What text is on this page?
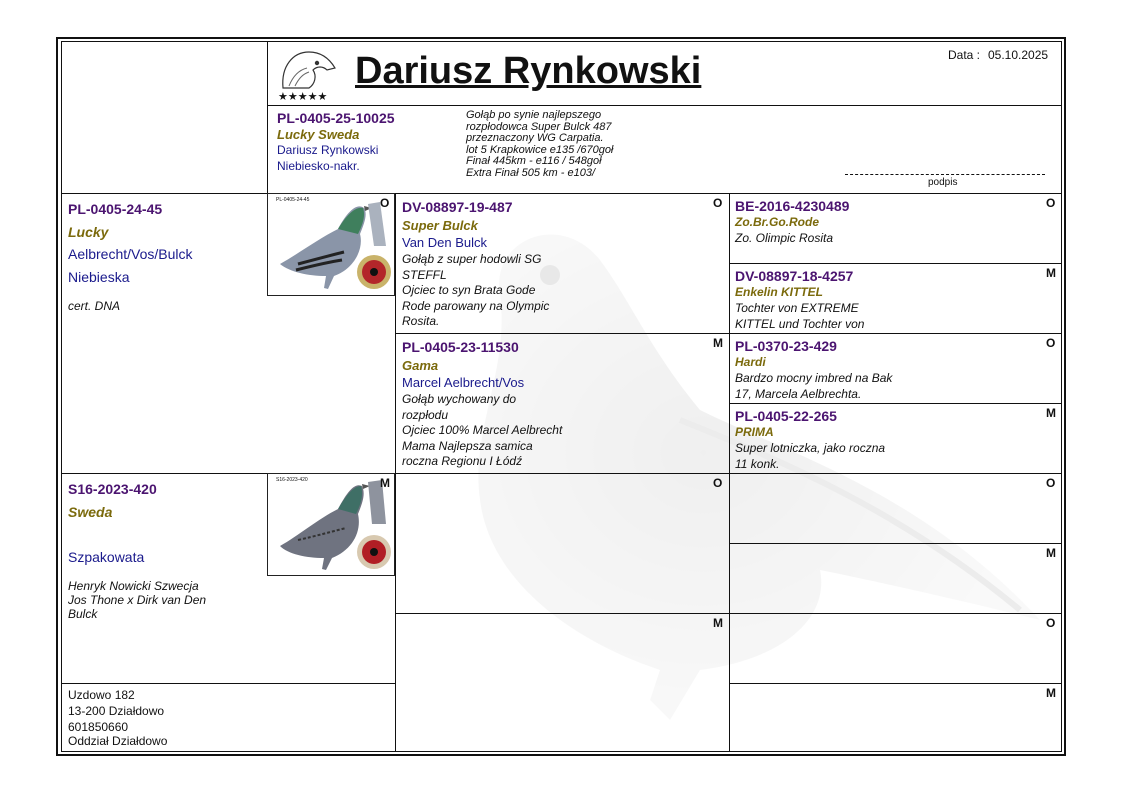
★★★★★
Dariusz Rynkowski	Data : 05.10.2025
PL-0405-25-10025
Lucky Sweda
Dariusz Rynkowski
Niebiesko-nakr.
Gołąb po synie najlepszego
rozpłodowca Super Bulck 487
przeznaczony WG Carpatia.
lot 5 Krapkowice e135 /670goł
Finał 445km - e116 / 548goł
Extra Finał 505 km - e103/
podpis
PL-0405-24-45
Lucky
Aelbrecht/Vos/Bulck
Niebieska
cert. DNA
PL-0405-24-45	O
S16-2023-420
Sweda
Szpakowata
Henryk Nowicki Szwecja
Jos Thone x Dirk van Den
Bulck
S16-2023-420	M
DV-08897-19-487
Super Bulck
Van Den Bulck
Gołąb z super hodowli SG
STEFFL
Ojciec to syn Brata Gode
Rode parowany na Olympic
Rosita.
O
PL-0405-23-11530
Gama
Marcel Aelbrecht/Vos
Gołąb wychowany do
rozpłodu
Ojciec 100% Marcel Aelbrecht
Mama Najlepsza samica
roczna Regionu I Łódź
M
O
M
BE-2016-4230489
Zo.Br.Go.Rode
Zo. Olimpic Rosita
O
DV-08897-18-4257
Enkelin KITTEL
Tochter von EXTREME
KITTEL und Tochter von
M
PL-0370-23-429
Hardi
Bardzo mocny imbred na Bak
17, Marcela Aelbrechta.
O
PL-0405-22-265
PRIMA
Super lotniczka, jako roczna
11 konk.
M
O
M
O
M
Uzdowo 182
13-200 Działdowo
601850660
Oddział Działdowo
